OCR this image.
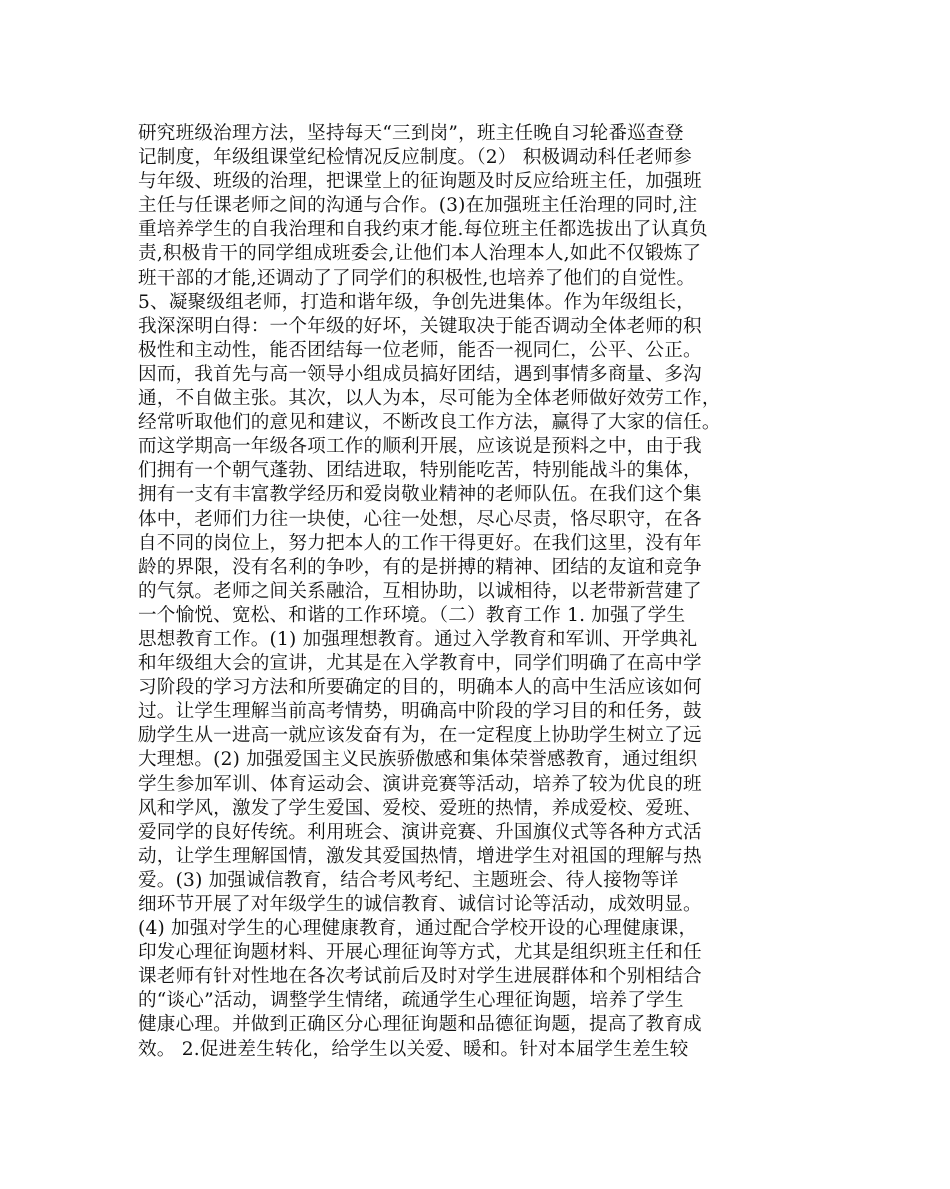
研究班级治理方法，坚持每天“三到岗”，班主任晚自习轮番巡查登
记制度，年级组课堂纪检情况反应制度。（2） 积极调动科任老师参
与年级、班级的治理，把课堂上的征询题及时反应给班主任，加强班
主任与任课老师之间的沟通与合作。(3)在加强班主任治理的同时,注
重培养学生的自我治理和自我约束才能.每位班主任都选拔出了认真负
责,积极肯干的同学组成班委会,让他们本人治理本人,如此不仅锻炼了
班干部的才能,还调动了了同学们的积极性,也培养了他们的自觉性。
5、凝聚级组老师，打造和谐年级，争创先进集体。作为年级组长，
我深深明白得：一个年级的好坏，关键取决于能否调动全体老师的积
极性和主动性，能否团结每一位老师，能否一视同仁，公平、公正。
因而，我首先与高一领导小组成员搞好团结，遇到事情多商量、多沟
通，不自做主张。其次，以人为本，尽可能为全体老师做好效劳工作，
经常听取他们的意见和建议，不断改良工作方法，赢得了大家的信任。
而这学期高一年级各项工作的顺利开展，应该说是预料之中，由于我
们拥有一个朝气蓬勃、团结进取，特别能吃苦，特别能战斗的集体，
拥有一支有丰富教学经历和爱岗敬业精神的老师队伍。在我们这个集
体中，老师们力往一块使，心往一处想，尽心尽责，恪尽职守，在各
自不同的岗位上，努力把本人的工作干得更好。在我们这里，没有年
龄的界限，没有名利的争吵，有的是拼搏的精神、团结的友谊和竞争
的气氛。老师之间关系融洽，互相协助，以诚相待，以老带新营建了
一个愉悦、宽松、和谐的工作环境。（二）教育工作 1. 加强了学生
思想教育工作。(1) 加强理想教育。通过入学教育和军训、开学典礼
和年级组大会的宣讲，尤其是在入学教育中，同学们明确了在高中学
习阶段的学习方法和所要确定的目的，明确本人的高中生活应该如何
过。让学生理解当前高考情势，明确高中阶段的学习目的和任务，鼓
励学生从一进高一就应该发奋有为，在一定程度上协助学生树立了远
大理想。(2) 加强爱国主义民族骄傲感和集体荣誉感教育，通过组织
学生参加军训、体育运动会、演讲竞赛等活动，培养了较为优良的班
风和学风，激发了学生爱国、爱校、爱班的热情，养成爱校、爱班、
爱同学的良好传统。利用班会、演讲竞赛、升国旗仪式等各种方式活
动，让学生理解国情，激发其爱国热情，增进学生对祖国的理解与热
爱。(3) 加强诚信教育，结合考风考纪、主题班会、待人接物等详
细环节开展了对年级学生的诚信教育、诚信讨论等活动，成效明显。
(4) 加强对学生的心理健康教育，通过配合学校开设的心理健康课，
印发心理征询题材料、开展心理征询等方式，尤其是组织班主任和任
课老师有针对性地在各次考试前后及时对学生进展群体和个别相结合
的“谈心”活动，调整学生情绪，疏通学生心理征询题，培养了学生
健康心理。并做到正确区分心理征询题和品德征询题，提高了教育成
效。 2.促进差生转化，给学生以关爱、暖和。针对本届学生差生较
